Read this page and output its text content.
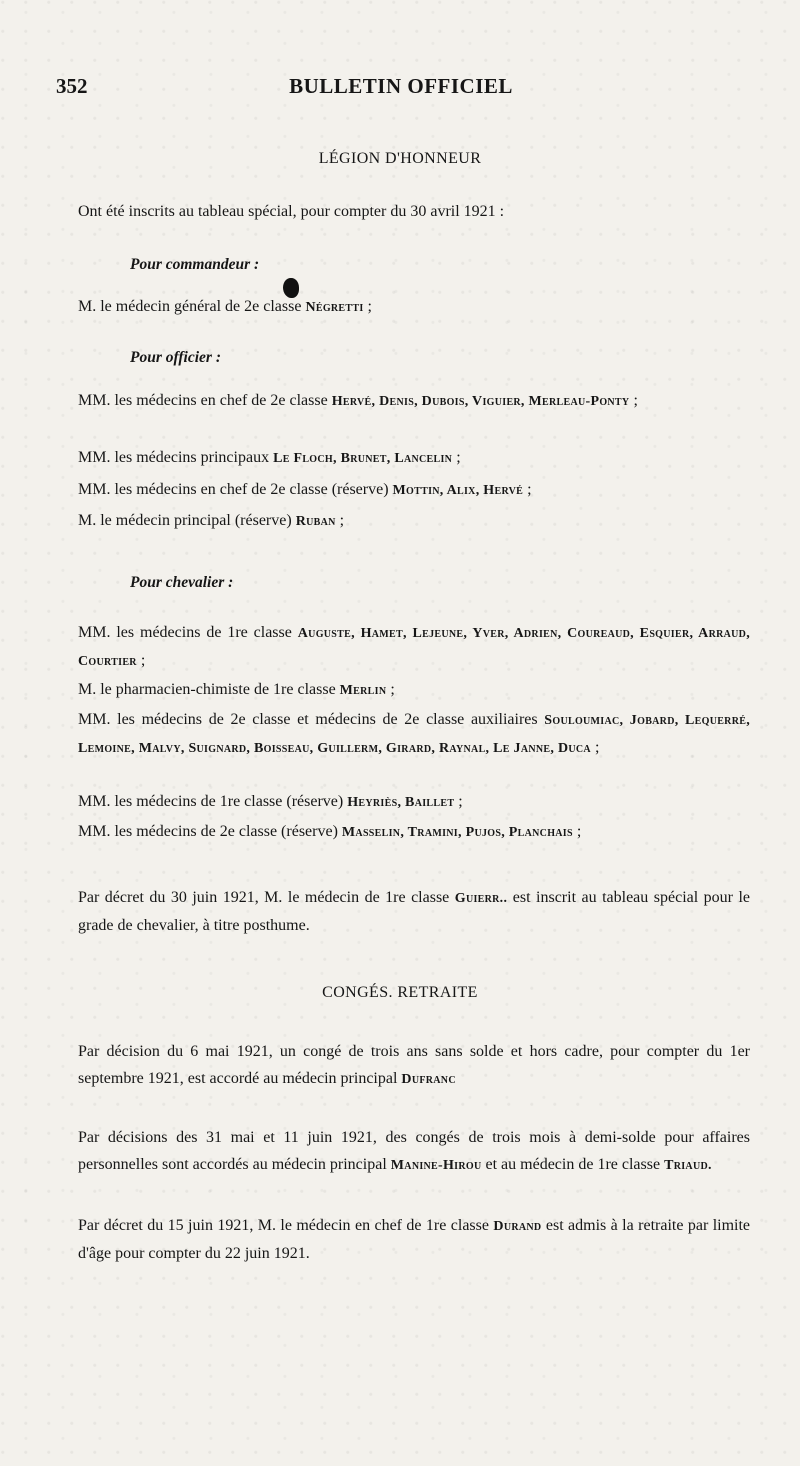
352	BULLETIN OFFICIEL
LÉGION D'HONNEUR
Ont été inscrits au tableau spécial, pour compter du 30 avril 1921 :
Pour commandeur :
M. le médecin général de 2e classe Négretti ;
Pour officier :
MM. les médecins en chef de 2e classe Hervé, Denis, Dubois, Viguier, Merleau-Ponty ;
MM. les médecins principaux Le Floch, Brunet, Lancelin ;
MM. les médecins en chef de 2e classe (réserve) Mottin, Alix, Hervé ;
M. le médecin principal (réserve) Ruban ;
Pour chevalier :
MM. les médecins de 1re classe Auguste, Hamet, Lejeune, Yver, Adrien, Coureaud, Esquier, Arraud, Courtier ;
M. le pharmacien-chimiste de 1re classe Merlin ;
MM. les médecins de 2e classe et médecins de 2e classe auxiliaires Souloumiac, Jobard, Lequerré, Lemoine, Malvy, Suignard, Boisseau, Guillerm, Girard, Raynal, Le Janne, Duca ;
MM. les médecins de 1re classe (réserve) Heyriès, Baillet ;
MM. les médecins de 2e classe (réserve) Masselin, Tramini, Pujos, Planchais ;
Par décret du 30 juin 1921, M. le médecin de 1re classe Guierr.. est inscrit au tableau spécial pour le grade de chevalier, à titre posthume.
CONGÉS. RETRAITE
Par décision du 6 mai 1921, un congé de trois ans sans solde et hors cadre, pour compter du 1er septembre 1921, est accordé au médecin principal Dufranc
Par décisions des 31 mai et 11 juin 1921, des congés de trois mois à demi-solde pour affaires personnelles sont accordés au médecin principal Manine-Hirou et au médecin de 1re classe Triaud.
Par décret du 15 juin 1921, M. le médecin en chef de 1re classe Durand est admis à la retraite par limite d'âge pour compter du 22 juin 1921.
